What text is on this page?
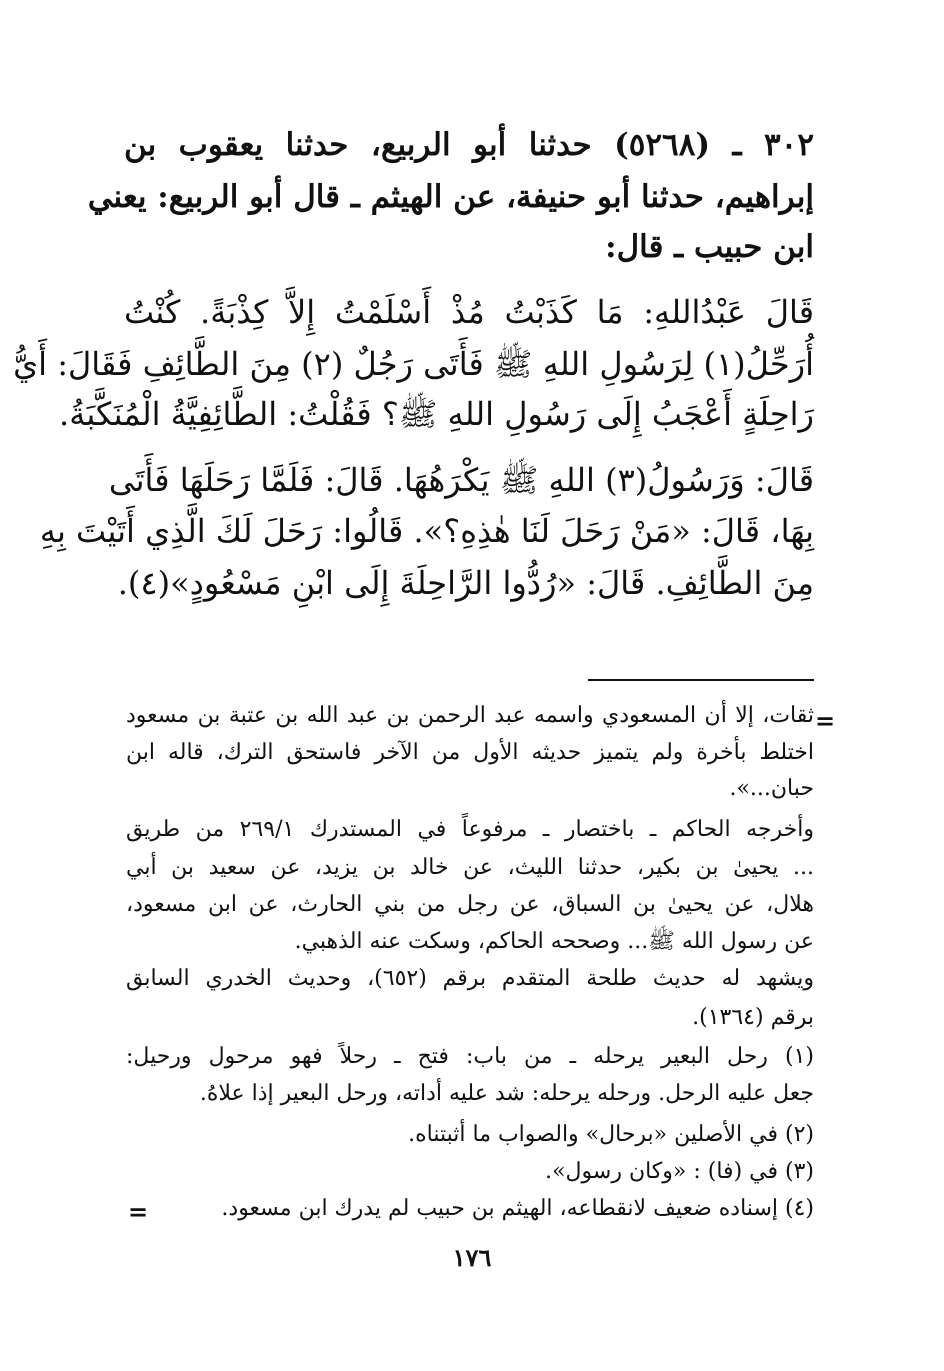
٣٠٢ ـ (٥٢٦٨) حدثنا أبو الربيع، حدثنا يعقوب بن
إبراهيم، حدثنا أبو حنيفة، عن الهيثم ـ قال أبو الربيع: يعني
ابن حبيب ـ قال:
قَالَ عَبْدُاللهِ: مَا كَذَبْتُ مُذْ أَسْلَمْتُ إِلاَّ كِذْبَةً. كُنْتُ
أُرَحِّلُ(١) لِرَسُولِ اللهِ ﷺ فَأَتَى رَجُلٌ (٢) مِنَ الطَّائِفِ فَقَالَ: أَيُّ
رَاحِلَةٍ أَعْجَبُ إِلَى رَسُولِ اللهِ ﷺ؟ فَقُلْتُ: الطَّائِفِيَّةُ الْمُنَكَّبَةُ.
قَالَ: وَرَسُولُ(٣) اللهِ ﷺ يَكْرَهُهَا. قَالَ: فَلَمَّا رَحَلَهَا فَأَتَى
بِهَا، قَالَ: «مَنْ رَحَلَ لَنَا هٰذِهِ؟». قَالُوا: رَحَلَ لَكَ الَّذِي أَتَيْتَ بِهِ
مِنَ الطَّائِفِ. قَالَ: «رُدُّوا الرَّاحِلَةَ إِلَى ابْنِ مَسْعُودٍ»(٤).
=
ثقات، إلا أن المسعودي واسمه عبد الرحمن بن عبد الله بن عتبة بن مسعود
اختلط بأخرة ولم يتميز حديثه الأول من الآخر فاستحق الترك، قاله ابن
حبان...».
وأخرجه الحاكم ـ باختصار ـ مرفوعاً في المستدرك ٢٦٩/١ من طريق
... يحيىٰ بن بكير، حدثنا الليث، عن خالد بن يزيد، عن سعيد بن أبي
هلال، عن يحيىٰ بن السباق، عن رجل من بني الحارث، عن ابن مسعود،
عن رسول الله ﷺ... وصححه الحاكم، وسكت عنه الذهبي.
ويشهد له حديث طلحة المتقدم برقم (٦٥٢)، وحديث الخدري السابق
برقم (١٣٦٤).
(١) رحل البعير يرحله ـ من باب: فتح ـ رحلاً فهو مرحول ورحيل:
جعل عليه الرحل. ورحله يرحله: شد عليه أداته، ورحل البعير إذا علاهُ.
(٢) في الأصلين «برحال» والصواب ما أثبتناه.
(٣) في (فا) : «وكان رسول».
(٤) إسناده ضعيف لانقطاعه، الهيثم بن حبيب لم يدرك ابن مسعود.
=
١٧٦
